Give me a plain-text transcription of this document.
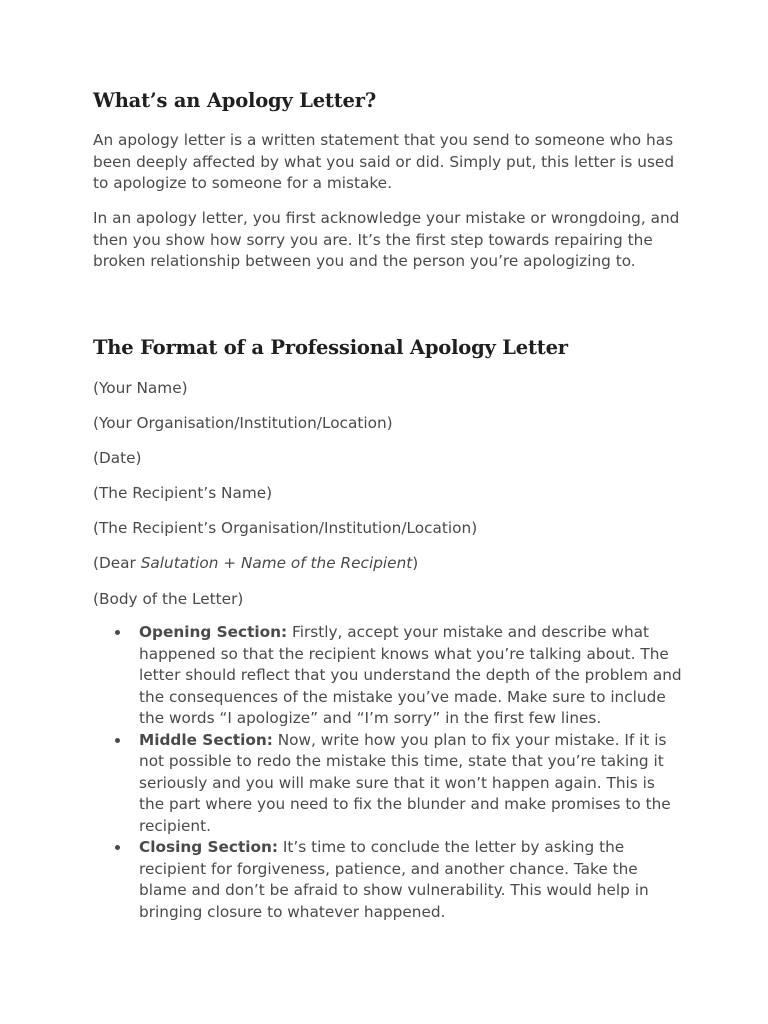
What’s an Apology Letter?

An apology letter is a written statement that you send to someone who has been deeply affected by what you said or did. Simply put, this letter is used to apologize to someone for a mistake.

In an apology letter, you first acknowledge your mistake or wrongdoing, and then you show how sorry you are. It’s the first step towards repairing the broken relationship between you and the person you’re apologizing to.

The Format of a Professional Apology Letter

(Your Name)

(Your Organisation/Institution/Location)

(Date)

(The Recipient’s Name)

(The Recipient’s Organisation/Institution/Location)

(Dear Salutation + Name of the Recipient)

(Body of the Letter)

Opening Section: Firstly, accept your mistake and describe what happened so that the recipient knows what you’re talking about. The letter should reflect that you understand the depth of the problem and the consequences of the mistake you’ve made. Make sure to include the words “I apologize” and “I’m sorry” in the first few lines.
Middle Section: Now, write how you plan to fix your mistake. If it is not possible to redo the mistake this time, state that you’re taking it seriously and you will make sure that it won’t happen again. This is the part where you need to fix the blunder and make promises to the recipient.
Closing Section: It’s time to conclude the letter by asking the recipient for forgiveness, patience, and another chance. Take the blame and don’t be afraid to show vulnerability. This would help in bringing closure to whatever happened.
